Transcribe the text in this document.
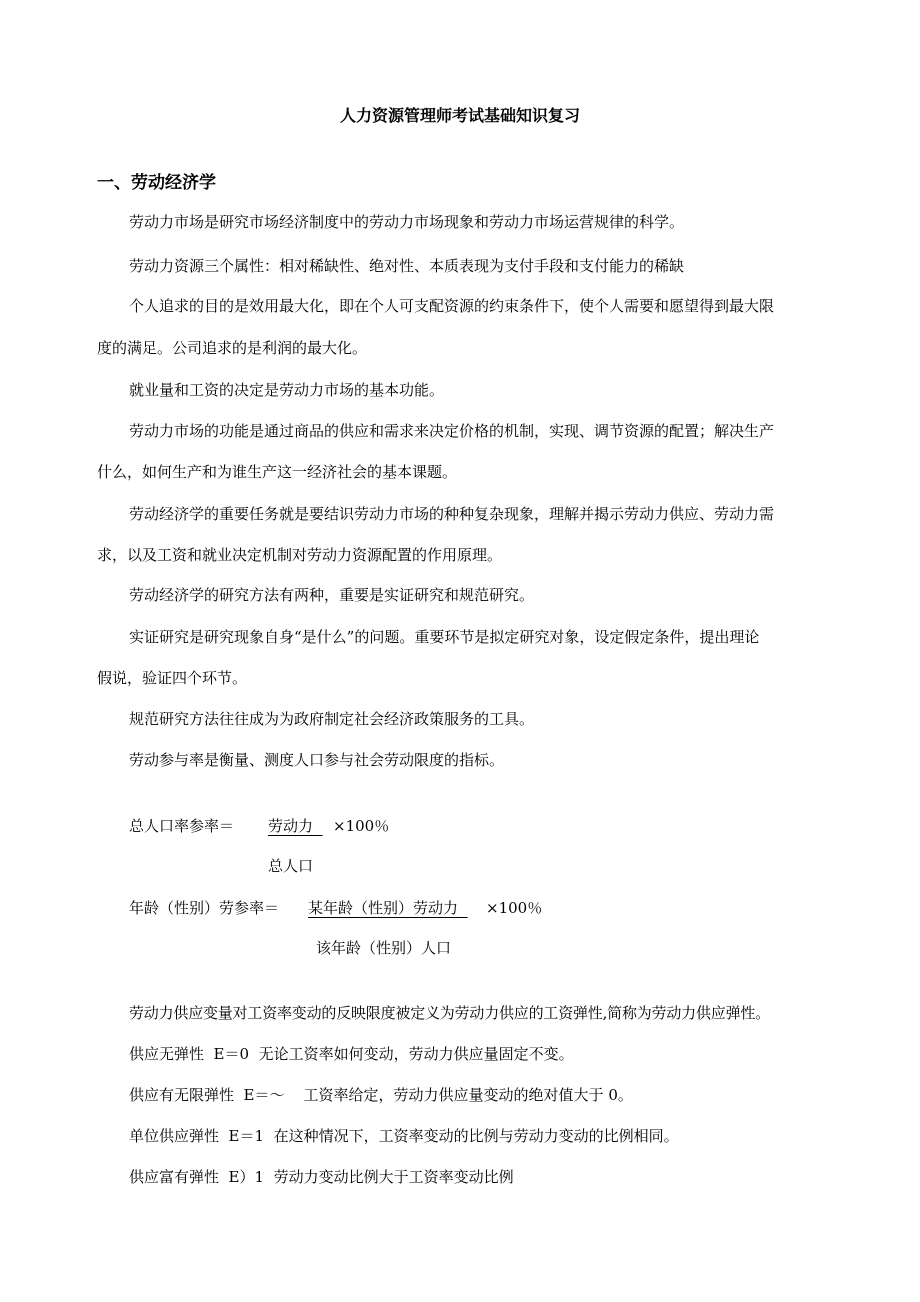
人力资源管理师考试基础知识复习
一、劳动经济学
劳动力市场是研究市场经济制度中的劳动力市场现象和劳动力市场运营规律的科学。
劳动力资源三个属性：相对稀缺性、绝对性、本质表现为支付手段和支付能力的稀缺
个人追求的目的是效用最大化，即在个人可支配资源的约束条件下，使个人需要和愿望得到最大限
度的满足。公司追求的是利润的最大化。
就业量和工资的决定是劳动力市场的基本功能。
劳动力市场的功能是通过商品的供应和需求来决定价格的机制，实现、调节资源的配置；解决生产
什么，如何生产和为谁生产这一经济社会的基本课题。
劳动经济学的重要任务就是要结识劳动力市场的种种复杂现象，理解并揭示劳动力供应、劳动力需
求，以及工资和就业决定机制对劳动力资源配置的作用原理。
劳动经济学的研究方法有两种，重要是实证研究和规范研究。
实证研究是研究现象自身“是什么”的问题。重要环节是拟定研究对象，设定假定条件，提出理论
假说，验证四个环节。
规范研究方法往往成为为政府制定社会经济政策服务的工具。
劳动参与率是衡量、测度人口参与社会劳动限度的指标。
总人口率参率＝ 劳动力	×100％
总人口
年龄（性别）劳参率＝ 某年龄（性别）劳动力	×100％
该年龄（性别）人口
劳动力供应变量对工资率变动的反映限度被定义为劳动力供应的工资弹性,简称为劳动力供应弹性。
供应无弹性  E＝0  无论工资率如何变动，劳动力供应量固定不变。
供应有无限弹性  E＝～    工资率给定，劳动力供应量变动的绝对值大于 0。
单位供应弹性  E＝1  在这种情况下，工资率变动的比例与劳动力变动的比例相同。
供应富有弹性  E）1  劳动力变动比例大于工资率变动比例
